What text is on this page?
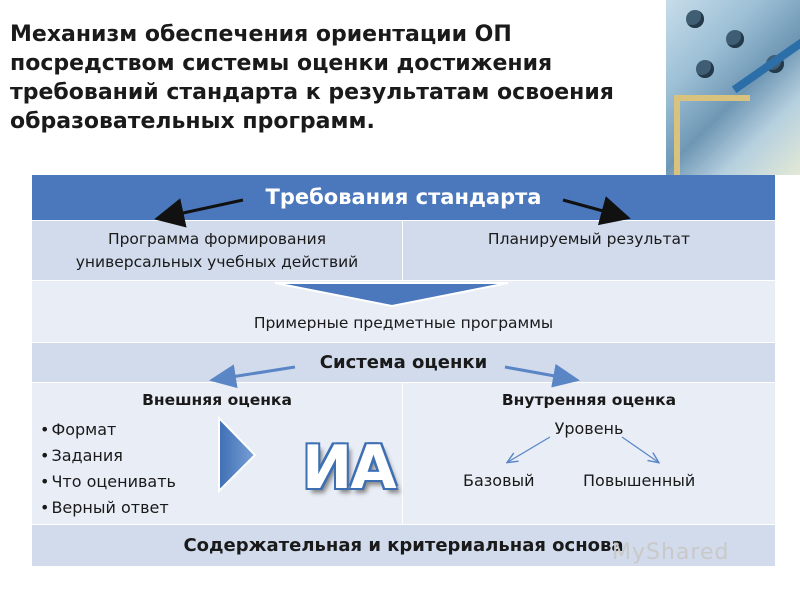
Механизм обеспечения ориентации ОП
посредством системы оценки достижения
требований стандарта к результатам освоения
образовательных программ.
Требования стандарта
Программа формирования
универсальных учебных действий
Планируемый результат
Примерные предметные программы
Система оценки
Внешняя оценка
• Формат
• Задания
• Что оценивать
• Верный ответ
ИА
Внутренняя оценка
Уровень
Базовый	Повышенный
Содержательная и критериальная основа
MyShared
